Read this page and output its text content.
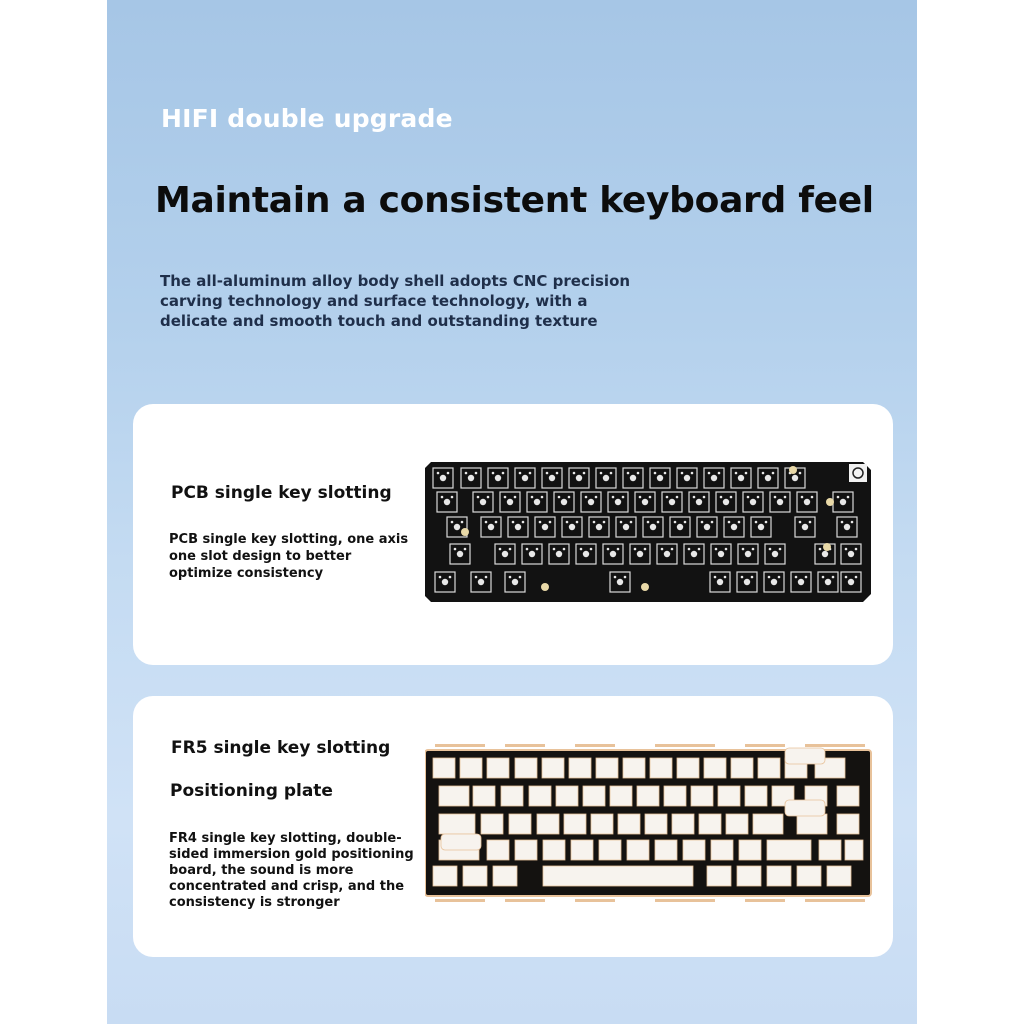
HIFI double upgrade
Maintain a consistent keyboard feel
The all-aluminum alloy body shell adopts CNC precision
carving technology and surface technology, with a
delicate and smooth touch and outstanding texture
PCB single key slotting
PCB single key slotting, one axis
one slot design to better
optimize consistency
FR5 single key slotting
Positioning plate
FR4 single key slotting, double-
sided immersion gold positioning
board, the sound is more
concentrated and crisp, and the
consistency is stronger
